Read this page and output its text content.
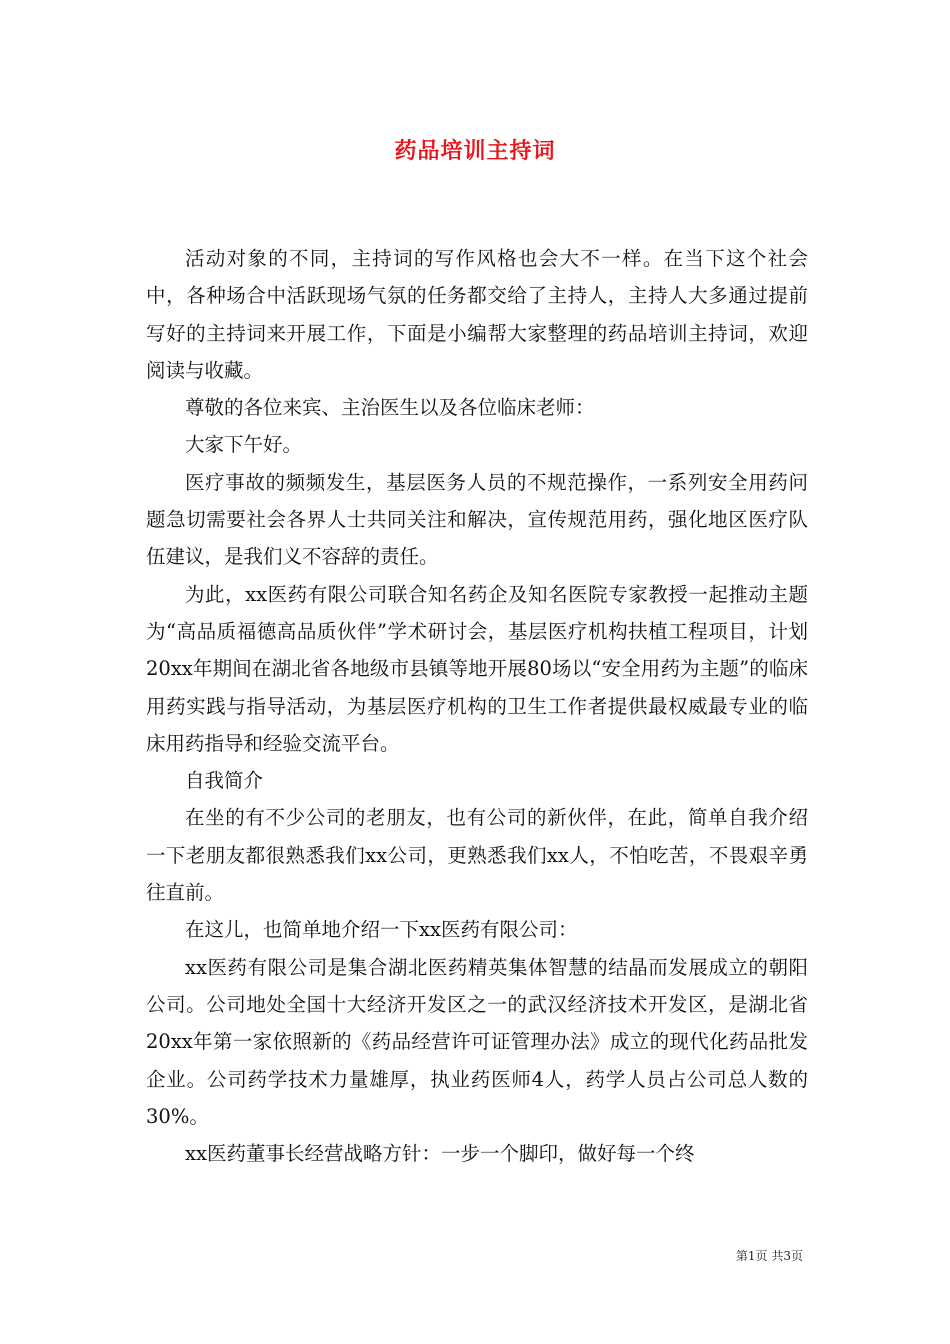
药品培训主持词

活动对象的不同，主持词的写作风格也会大不一样。在当下这个社会中，各种场合中活跃现场气氛的任务都交给了主持人，主持人大多通过提前写好的主持词来开展工作，下面是小编帮大家整理的药品培训主持词，欢迎阅读与收藏。

尊敬的各位来宾、主治医生以及各位临床老师：

大家下午好。

医疗事故的频频发生，基层医务人员的不规范操作，一系列安全用药问题急切需要社会各界人士共同关注和解决，宣传规范用药，强化地区医疗队伍建议，是我们义不容辞的责任。

为此，xx医药有限公司联合知名药企及知名医院专家教授一起推动主题为“高品质福德高品质伙伴”学术研讨会，基层医疗机构扶植工程项目，计划20xx年期间在湖北省各地级市县镇等地开展80场以“安全用药为主题”的临床用药实践与指导活动，为基层医疗机构的卫生工作者提供最权威最专业的临床用药指导和经验交流平台。

自我简介

在坐的有不少公司的老朋友，也有公司的新伙伴，在此，简单自我介绍一下老朋友都很熟悉我们xx公司，更熟悉我们xx人，不怕吃苦，不畏艰辛勇往直前。

在这儿，也简单地介绍一下xx医药有限公司：

xx医药有限公司是集合湖北医药精英集体智慧的结晶而发展成立的朝阳公司。公司地处全国十大经济开发区之一的武汉经济技术开发区，是湖北省20xx年第一家依照新的《药品经营许可证管理办法》成立的现代化药品批发企业。公司药学技术力量雄厚，执业药医师4人，药学人员占公司总人数的30%。

xx医药董事长经营战略方针：一步一个脚印，做好每一个终

第1页 共3页
